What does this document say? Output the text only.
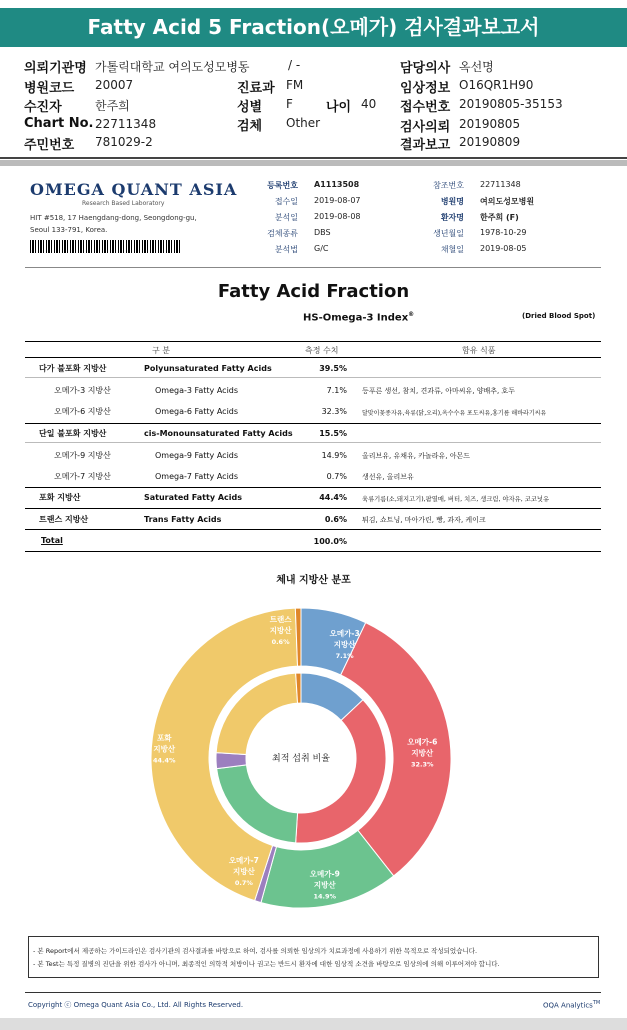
Fatty Acid 5 Fraction(오메가) 검사결과보고서
의뢰기관명 가톨릭대학교 여의도성모병동	/ -	담당의사 옥선명
병원코드 20007	진료과 FM	임상정보 O16QR1H90
수진자	한주희	성별 F	나이 40 접수번호 20190805-35153
Chart No. 22711348	검체 Other	검사의뢰 20190805
주민번호 781029-2	결과보고 20190809
OMEGA QUANT ASIA
Research Based Laboratory
HIT #518, 17 Haengdang-dong, Seongdong-gu,
Seoul 133-791, Korea.
등록번호 A1113508	참조번호 22711348
접수일 2019-08-07	병원명 여의도성모병원
분석일 2019-08-08	환자명 한주희 (F)
검체종류 DBS	생년월일 1978-10-29
분석법 G/C	채혈일 2019-08-05
Fatty Acid Fraction
HS-Omega-3 Index®	(Dried Blood Spot)
구 분	측정 수치	함유 식품
다가 불포화 지방산	Polyunsaturated Fatty Acids	39.5%
오메가-3 지방산	Omega-3 Fatty Acids	7.1% 등푸른 생선, 참치, 견과류, 아마씨유, 양배추, 호두
오메가-6 지방산	Omega-6 Fatty Acids	32.3%	달맞이꽃종자유,육류(닭,오리),옥수수유 포도씨유,홍기름 해바라기씨유
단일 불포화 지방산	cis-Monounsaturated Fatty Acids	15.5%
오메가-9 지방산	Omega-9 Fatty Acids	14.9% 올리브유, 유채유, 카놀라유, 아몬드
오메가-7 지방산	Omega-7 Fatty Acids	0.7% 생선유, 올리브유
포화 지방산	Saturated Fatty Acids	44.4% 육류기름(소,돼지고기),팜열매, 버터, 치즈, 생크림, 야자유, 코코넛유
트랜스 지방산	Trans Fatty Acids	0.6% 튀김, 쇼트닝, 마아가린, 빵, 과자, 케이크
Total	100.0%
체내 지방산 분포
최적 섭취 비율
오메가-3 지방산 7.1%
오메가-6 지방산 32.3%
오메가-9 지방산 14.9%
오메가-7 지방산 0.7%
포화 지방산 44.4%
트랜스 지방산 0.6%
- 본 Report에서 제공하는 가이드라인은 검사기관의 검사결과를 바탕으로 하여, 검사를 의뢰한 임상의가 치료과정에 사용하기 위한 목적으로 작성되었습니다.
- 본 Test는 특정 질병의 진단을 위한 검사가 아니며, 최종적인 의학적 처방이나 권고는 반드시 환자에 대한 임상적 소견을 바탕으로 임상의에 의해 이루어져야 합니다.
Copyright ⓒ Omega Quant Asia Co., Ltd. All Rights Reserved.	OQA Analytics™
